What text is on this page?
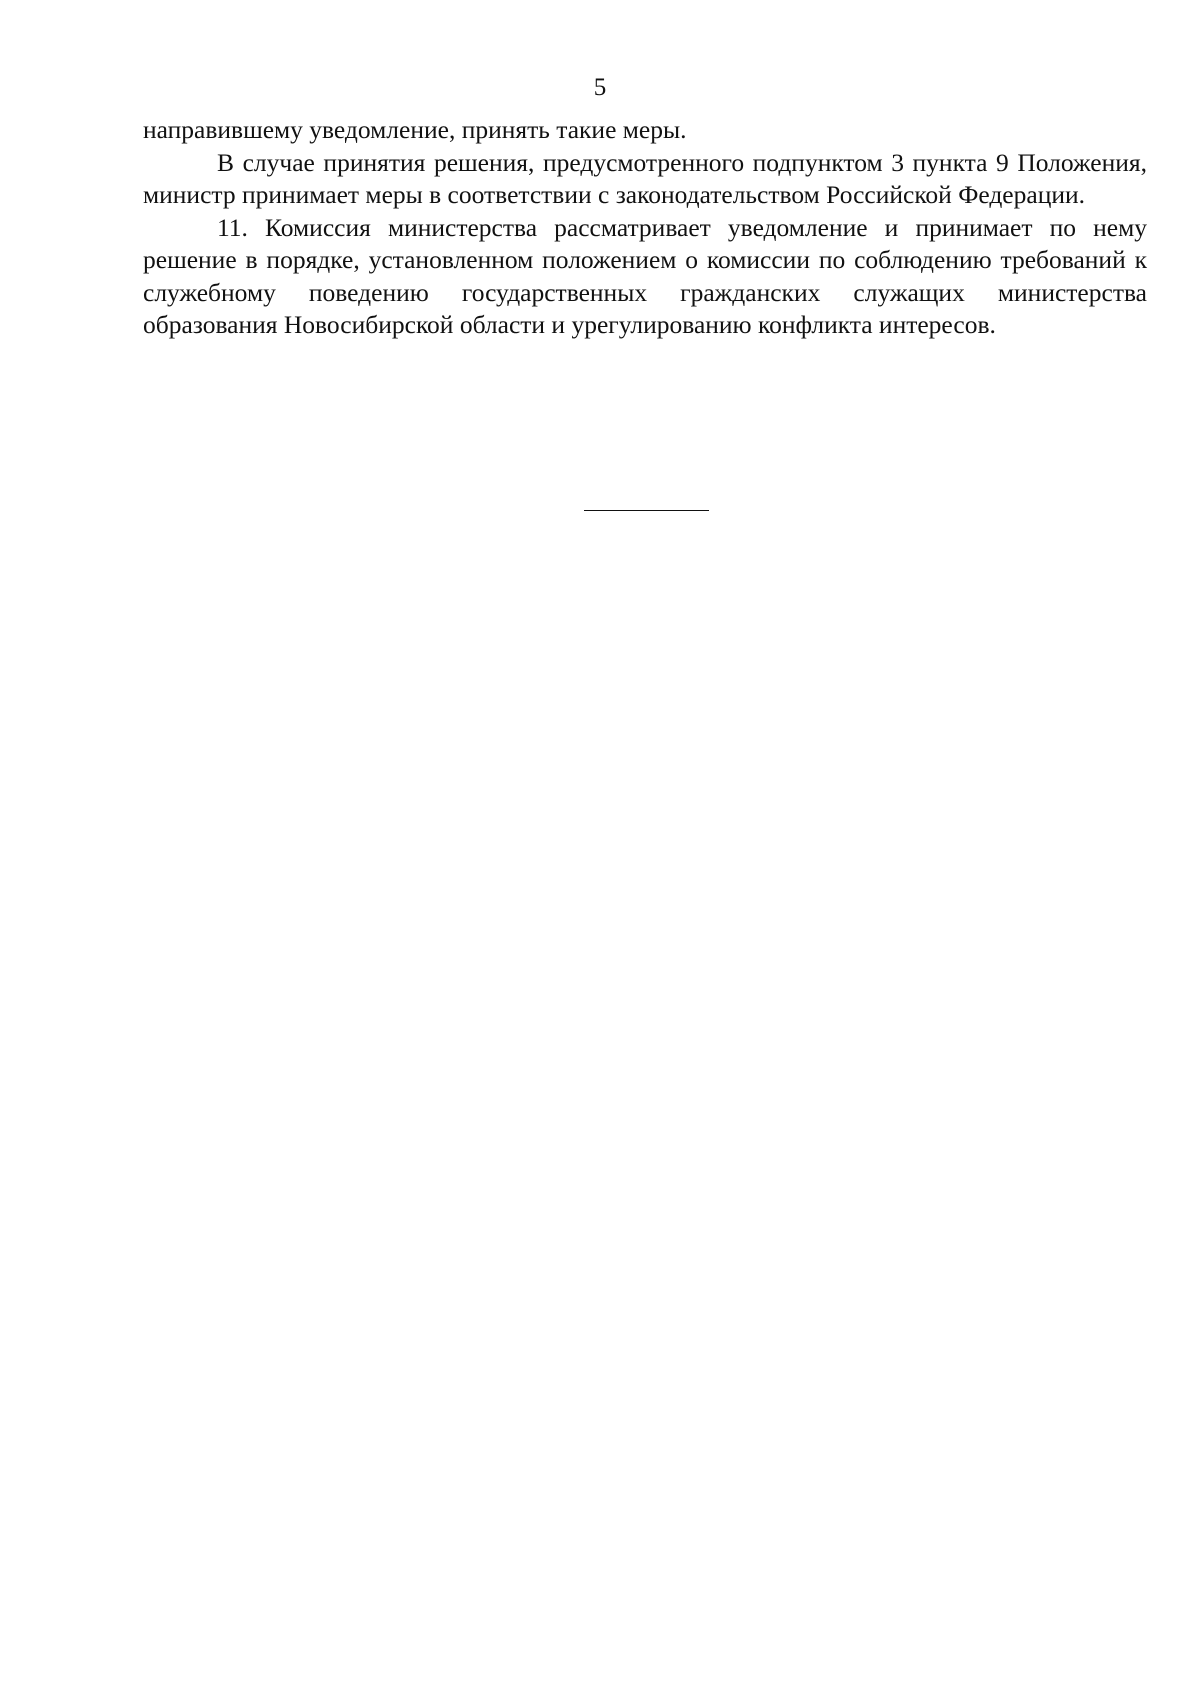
5

направившему уведомление, принять такие меры.

В случае принятия решения, предусмотренного подпунктом 3 пункта 9 Положения, министр принимает меры в соответствии с законодательством Российской Федерации.

11. Комиссия министерства рассматривает уведомление и принимает по нему решение в порядке, установленном положением о комиссии по соблюдению требований к служебному поведению государственных гражданских служащих министерства образования Новосибирской области и урегулированию конфликта интересов.
